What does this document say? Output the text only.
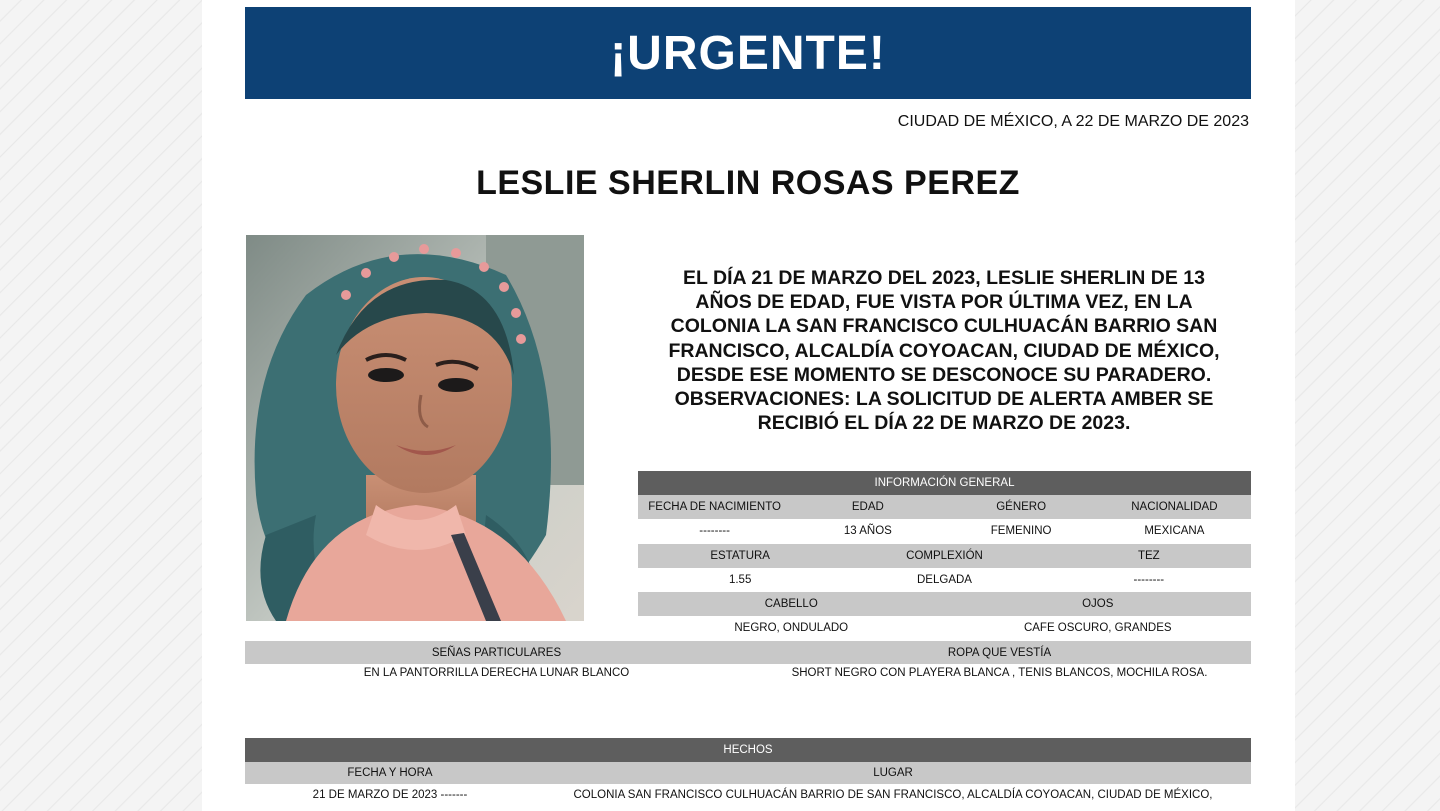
¡URGENTE!
CIUDAD DE MÉXICO, A 22 DE MARZO DE 2023
LESLIE SHERLIN ROSAS PEREZ
EL DÍA 21 DE MARZO DEL 2023, LESLIE SHERLIN DE 13
AÑOS DE EDAD, FUE VISTA POR ÚLTIMA VEZ, EN LA
COLONIA LA SAN FRANCISCO CULHUACÁN BARRIO SAN
FRANCISCO, ALCALDÍA COYOACAN, CIUDAD DE MÉXICO,
DESDE ESE MOMENTO SE DESCONOCE SU PARADERO.
OBSERVACIONES: LA SOLICITUD DE ALERTA AMBER SE
RECIBIÓ EL DÍA 22 DE MARZO DE 2023.
INFORMACIÓN GENERAL
FECHA DE NACIMIENTO	EDAD	GÉNERO	NACIONALIDAD
--------	13 AÑOS	FEMENINO	MEXICANA
ESTATURA	COMPLEXIÓN	TEZ
1.55	DELGADA	--------
CABELLO	OJOS
NEGRO, ONDULADO	CAFE OSCURO, GRANDES
SEÑAS PARTICULARES	ROPA QUE VESTÍA
EN LA PANTORRILLA DERECHA LUNAR BLANCO	SHORT NEGRO CON PLAYERA BLANCA , TENIS BLANCOS, MOCHILA ROSA.
HECHOS
FECHA Y HORA	LUGAR
21 DE MARZO DE 2023 -------	COLONIA SAN FRANCISCO CULHUACÁN BARRIO DE SAN FRANCISCO, ALCALDÍA COYOACAN, CIUDAD DE MÉXICO,
